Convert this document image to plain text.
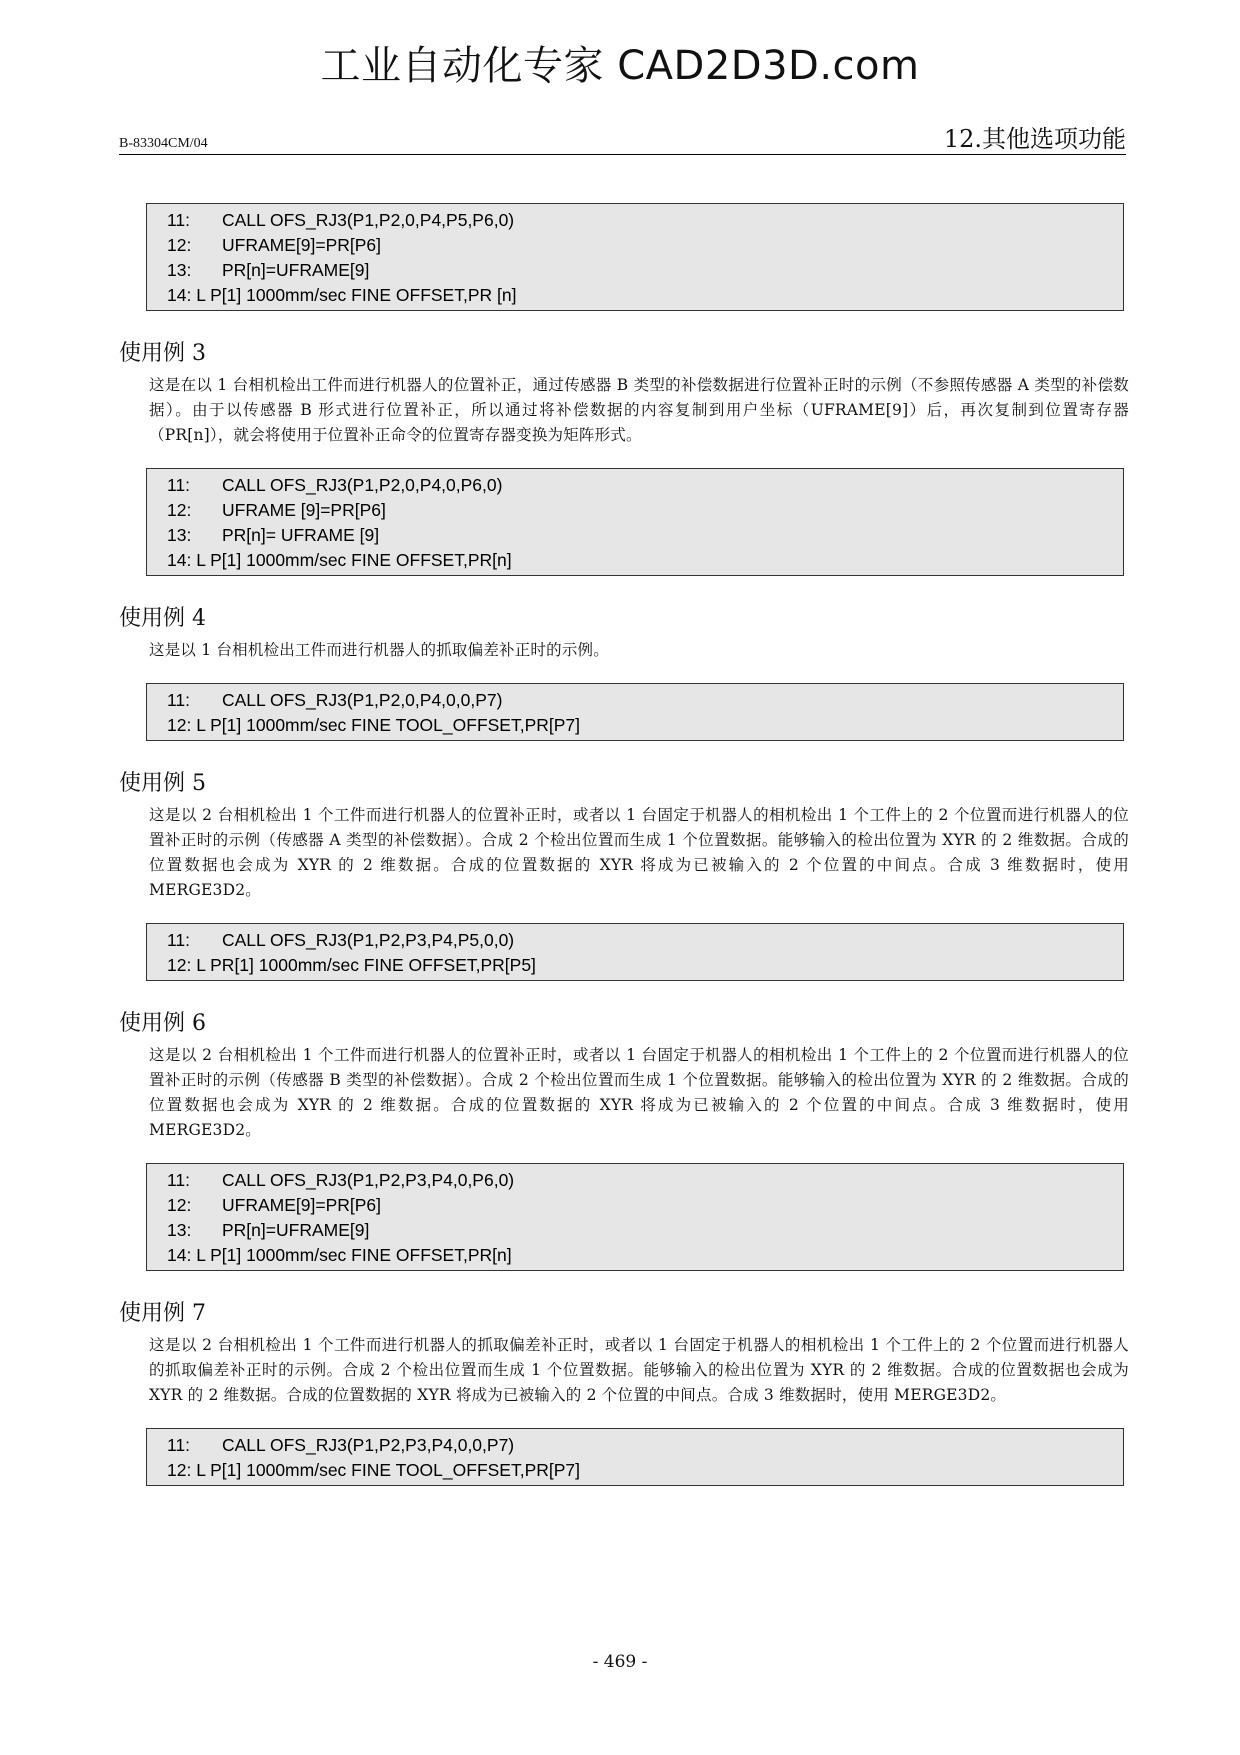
工业自动化专家 CAD2D3D.com
B-83304CM/04	12.其他选项功能
11:	CALL OFS_RJ3(P1,P2,0,P4,P5,P6,0)
12:	UFRAME[9]=PR[P6]
13:	PR[n]=UFRAME[9]
14: L P[1] 1000mm/sec FINE OFFSET,PR [n]
使用例 3
这是在以 1 台相机检出工件而进行机器人的位置补正，通过传感器 B 类型的补偿数据进行位置补正时的示例（不参照传感器 A 类型的补偿数据）。由于以传感器 B 形式进行位置补正，所以通过将补偿数据的内容复制到用户坐标（UFRAME[9]）后，再次复制到位置寄存器（PR[n]），就会将使用于位置补正命令的位置寄存器变换为矩阵形式。
11:	CALL OFS_RJ3(P1,P2,0,P4,0,P6,0)
12:	UFRAME [9]=PR[P6]
13:	PR[n]= UFRAME [9]
14: L P[1] 1000mm/sec FINE OFFSET,PR[n]
使用例 4
这是以 1 台相机检出工件而进行机器人的抓取偏差补正时的示例。
11:	CALL OFS_RJ3(P1,P2,0,P4,0,0,P7)
12: L P[1] 1000mm/sec FINE TOOL_OFFSET,PR[P7]
使用例 5
这是以 2 台相机检出 1 个工件而进行机器人的位置补正时，或者以 1 台固定于机器人的相机检出 1 个工件上的 2 个位置而进行机器人的位置补正时的示例（传感器 A 类型的补偿数据）。合成 2 个检出位置而生成 1 个位置数据。能够输入的检出位置为 XYR 的 2 维数据。合成的位置数据也会成为 XYR 的 2 维数据。合成的位置数据的 XYR 将成为已被输入的 2 个位置的中间点。合成 3 维数据时，使用 MERGE3D2。
11:	CALL OFS_RJ3(P1,P2,P3,P4,P5,0,0)
12: L PR[1] 1000mm/sec FINE OFFSET,PR[P5]
使用例 6
这是以 2 台相机检出 1 个工件而进行机器人的位置补正时，或者以 1 台固定于机器人的相机检出 1 个工件上的 2 个位置而进行机器人的位置补正时的示例（传感器 B 类型的补偿数据）。合成 2 个检出位置而生成 1 个位置数据。能够输入的检出位置为 XYR 的 2 维数据。合成的位置数据也会成为 XYR 的 2 维数据。合成的位置数据的 XYR 将成为已被输入的 2 个位置的中间点。合成 3 维数据时，使用 MERGE3D2。
11:	CALL OFS_RJ3(P1,P2,P3,P4,0,P6,0)
12:	UFRAME[9]=PR[P6]
13:	PR[n]=UFRAME[9]
14: L P[1] 1000mm/sec FINE OFFSET,PR[n]
使用例 7
这是以 2 台相机检出 1 个工件而进行机器人的抓取偏差补正时，或者以 1 台固定于机器人的相机检出 1 个工件上的 2 个位置而进行机器人的抓取偏差补正时的示例。合成 2 个检出位置而生成 1 个位置数据。能够输入的检出位置为 XYR 的 2 维数据。合成的位置数据也会成为 XYR 的 2 维数据。合成的位置数据的 XYR 将成为已被输入的 2 个位置的中间点。合成 3 维数据时，使用 MERGE3D2。
11:	CALL OFS_RJ3(P1,P2,P3,P4,0,0,P7)
12: L P[1] 1000mm/sec FINE TOOL_OFFSET,PR[P7]
- 469 -
